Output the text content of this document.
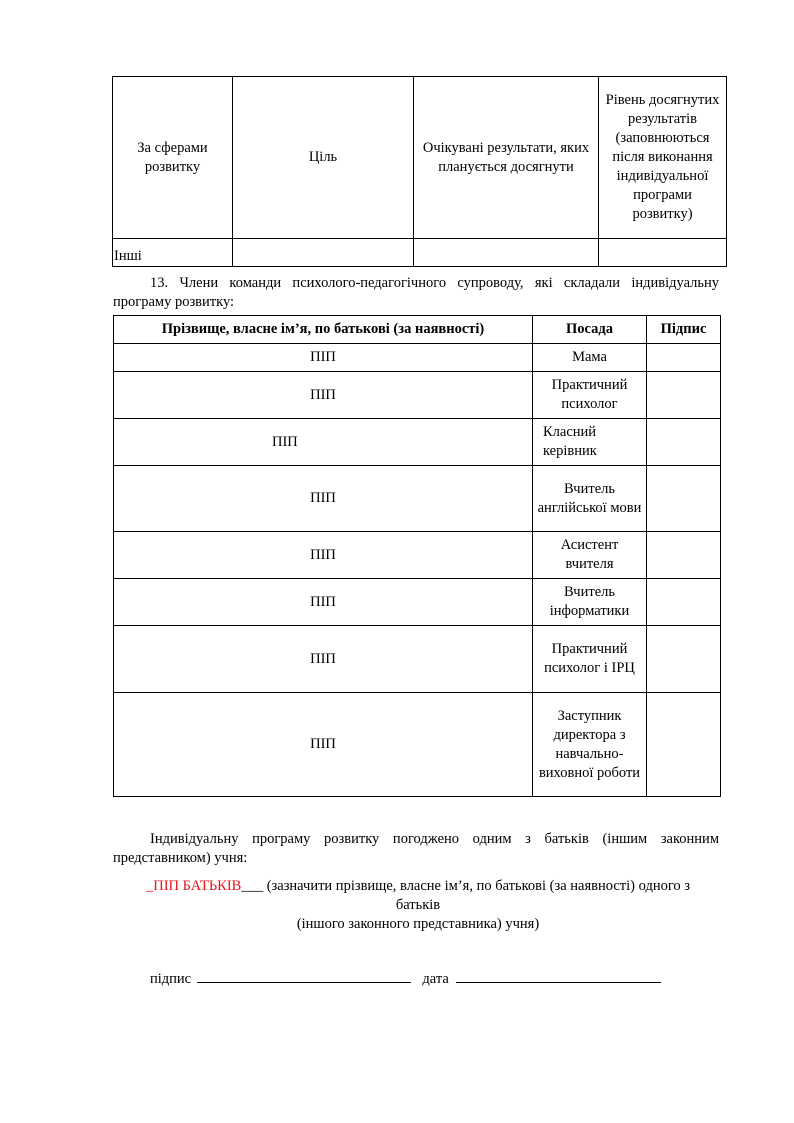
За сферами розвитку	Ціль	Очікувані результати, яких планується досягнути	Рівень досягнутих результатів (заповнюються після виконання індивідуальної програми розвитку)
Інші			
13. Члени команди психолого-педагогічного супроводу, які складали індивідуальну програму розвитку:
Прізвище, власне ім’я, по батькові (за наявності)	Посада	Підпис
ПІП	Мама	
ПІП	Практичний психолог	
ПІП	Класний керівник	
ПІП	Вчитель англійської мови	
ПІП	Асистент вчителя	
ПІП	Вчитель інформатики	
ПІП	Практичний психолог і ІРЦ	
ПІП	Заступник директора з навчально-виховної роботи	
Індивідуальну програму розвитку погоджено одним з батьків (іншим законним представником) учня:
_ПІП БАТЬКІВ___ (зазначити прізвище, власне ім’я, по батькові (за наявності) одного з
батьків
(іншого законного представника) учня)
підпис	дата
